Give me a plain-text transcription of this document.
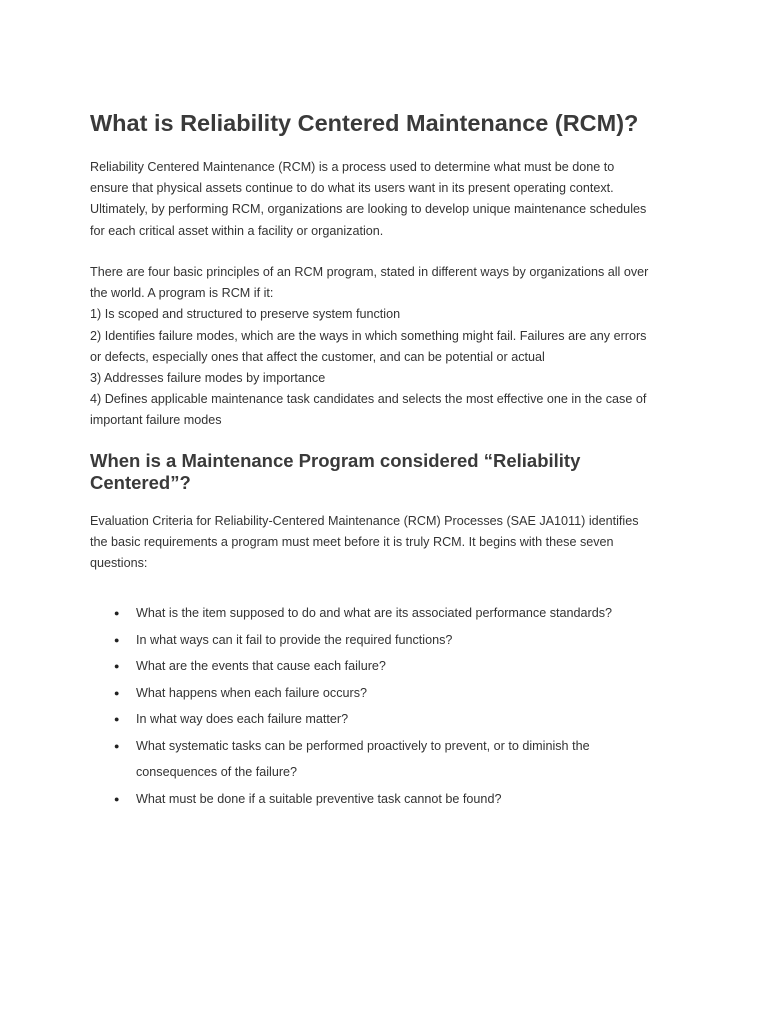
What is Reliability Centered Maintenance (RCM)?

Reliability Centered Maintenance (RCM) is a process used to determine what must be done to
ensure that physical assets continue to do what its users want in its present operating context.
Ultimately, by performing RCM, organizations are looking to develop unique maintenance schedules
for each critical asset within a facility or organization.

There are four basic principles of an RCM program, stated in different ways by organizations all over
the world. A program is RCM if it:
1) Is scoped and structured to preserve system function
2) Identifies failure modes, which are the ways in which something might fail. Failures are any errors
or defects, especially ones that affect the customer, and can be potential or actual
3) Addresses failure modes by importance
4) Defines applicable maintenance task candidates and selects the most effective one in the case of
important failure modes

When is a Maintenance Program considered “Reliability
Centered”?

Evaluation Criteria for Reliability-Centered Maintenance (RCM) Processes (SAE JA1011) identifies
the basic requirements a program must meet before it is truly RCM. It begins with these seven
questions:

● What is the item supposed to do and what are its associated performance standards?
● In what ways can it fail to provide the required functions?
● What are the events that cause each failure?
● What happens when each failure occurs?
● In what way does each failure matter?
● What systematic tasks can be performed proactively to prevent, or to diminish the
consequences of the failure?
● What must be done if a suitable preventive task cannot be found?
